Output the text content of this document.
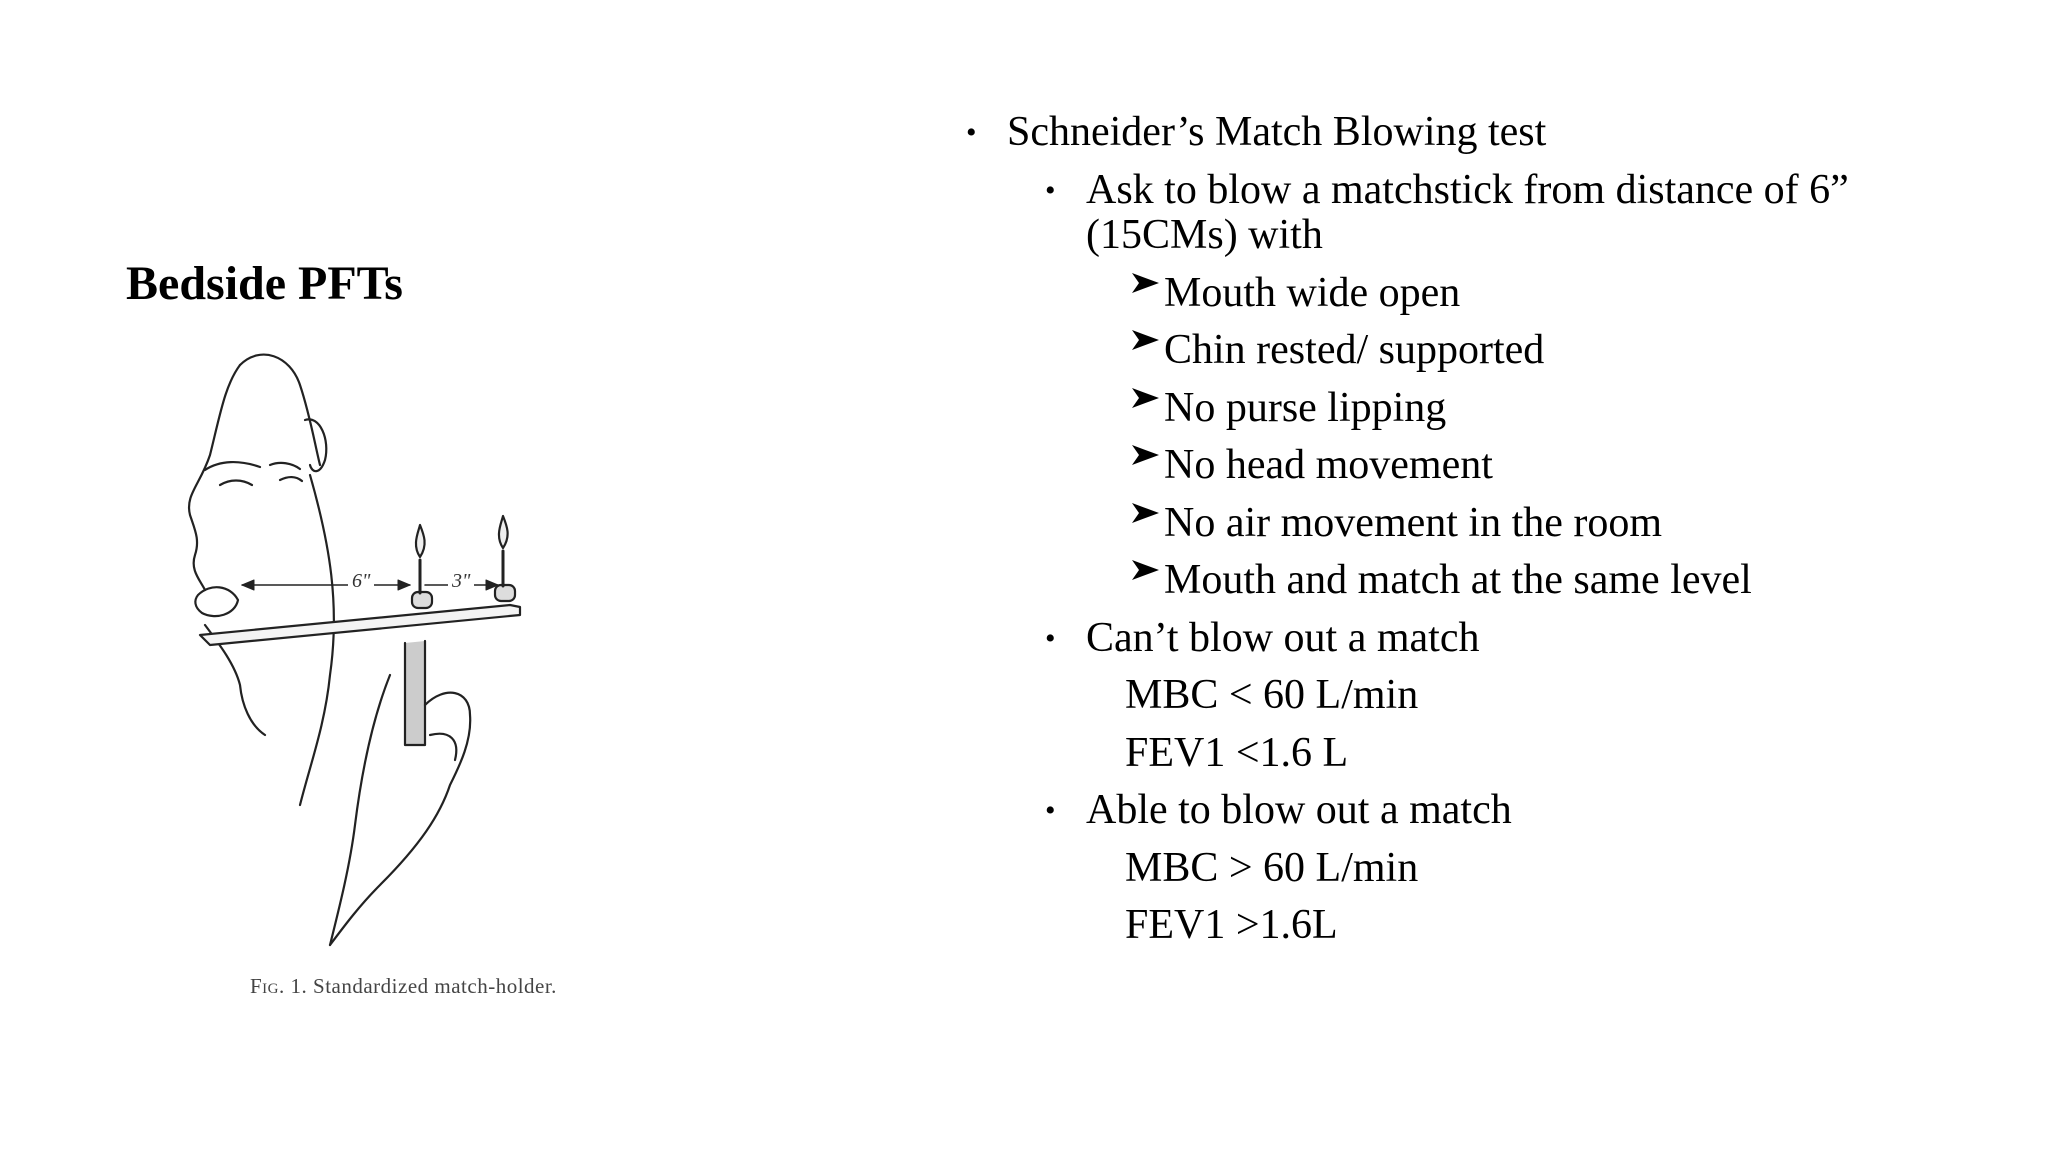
Bedside PFTs
6"	3"
Fig. 1. Standardized match-holder.
• Schneider’s Match Blowing test
• Ask to blow a matchstick from distance of 6”
(15CMs) with
Mouth wide open
Chin rested/ supported
No purse lipping
No head movement
No air movement in the room
Mouth and match at the same level
• Can’t blow out a match
MBC < 60 L/min
FEV1 <1.6 L
• Able to blow out a match
MBC > 60 L/min
FEV1 >1.6L
